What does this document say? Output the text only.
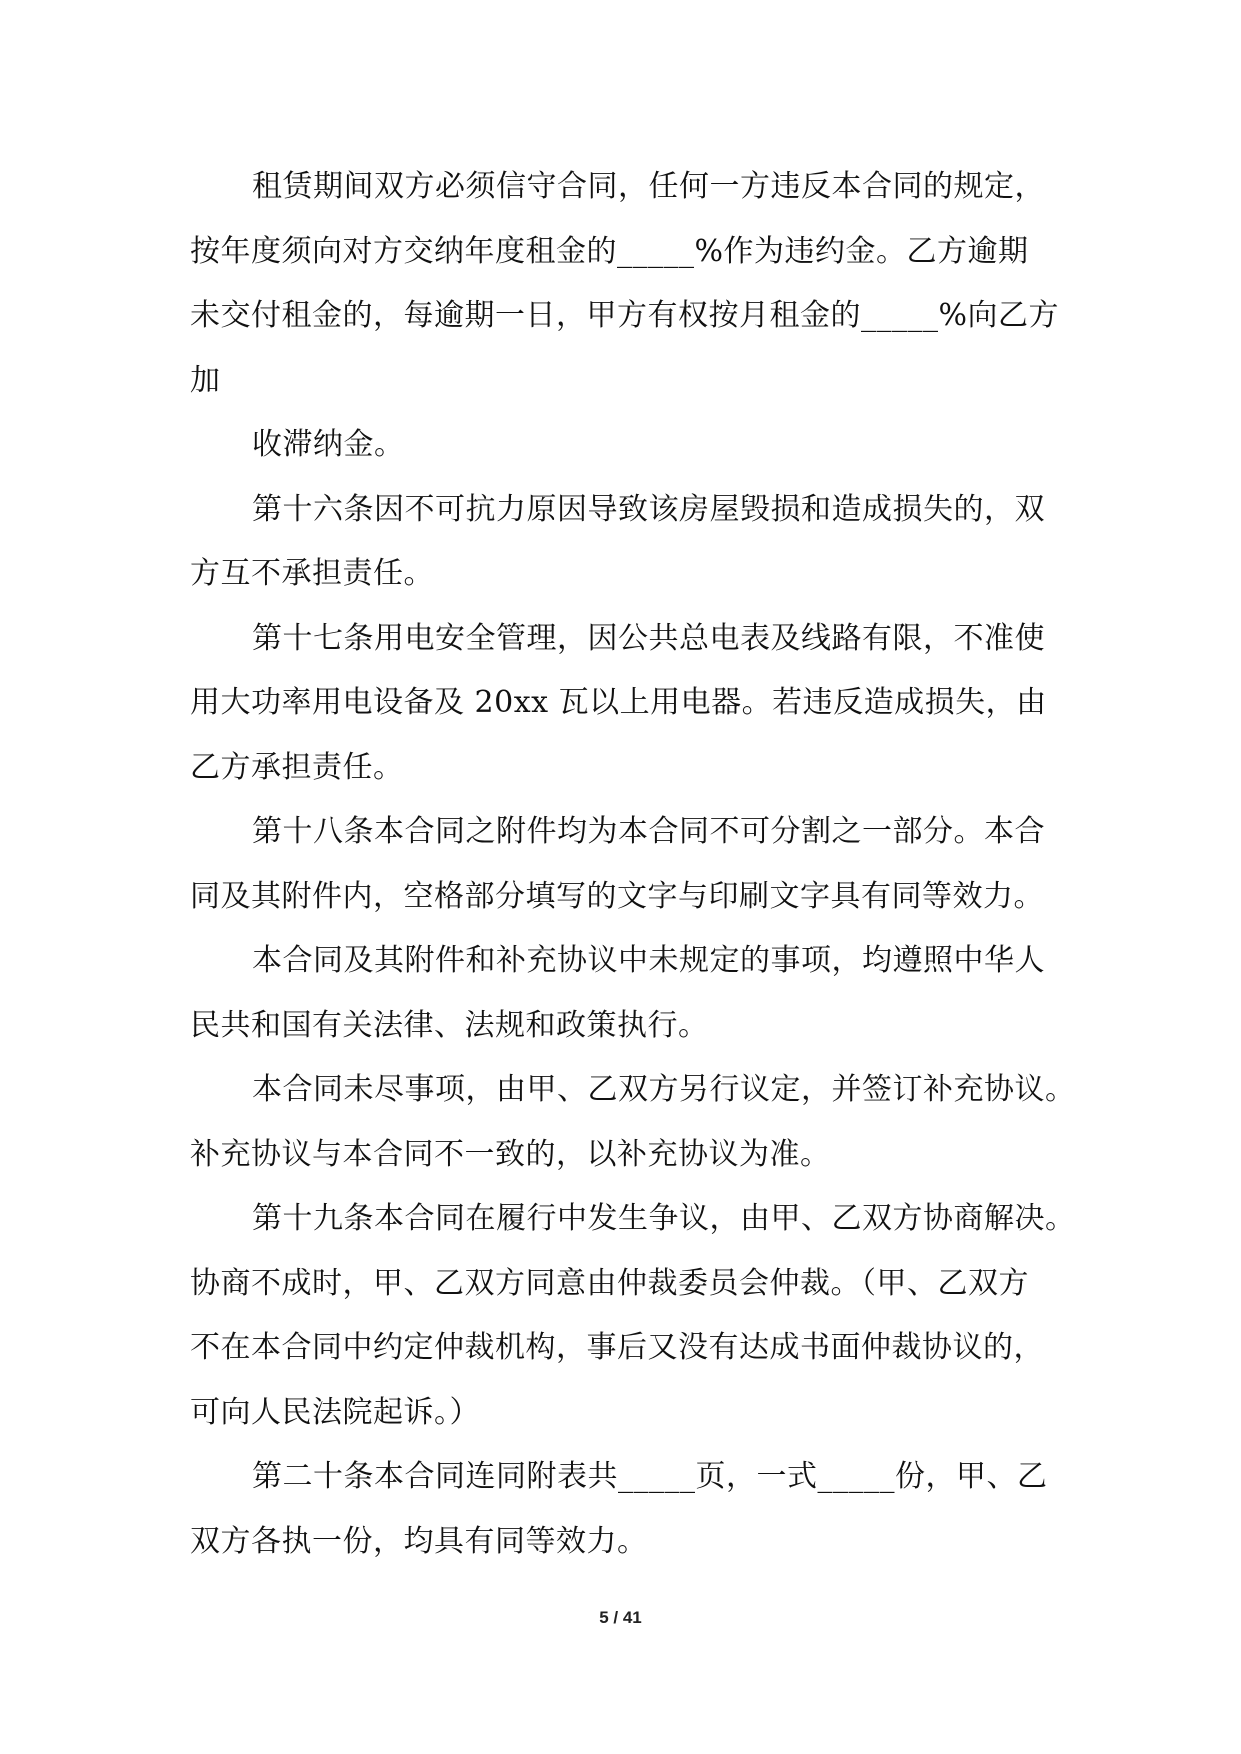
租赁期间双方必须信守合同，任何一方违反本合同的规定，
按年度须向对方交纳年度租金的_____%作为违约金。乙方逾期
未交付租金的，每逾期一日，甲方有权按月租金的_____%向乙方
加
收滞纳金。
第十六条因不可抗力原因导致该房屋毁损和造成损失的，双
方互不承担责任。
第十七条用电安全管理，因公共总电表及线路有限，不准使
用大功率用电设备及 20xx 瓦以上用电器。若违反造成损失，由
乙方承担责任。
第十八条本合同之附件均为本合同不可分割之一部分。本合
同及其附件内，空格部分填写的文字与印刷文字具有同等效力。
本合同及其附件和补充协议中未规定的事项，均遵照中华人
民共和国有关法律、法规和政策执行。
本合同未尽事项，由甲、乙双方另行议定，并签订补充协议。
补充协议与本合同不一致的，以补充协议为准。
第十九条本合同在履行中发生争议，由甲、乙双方协商解决。
协商不成时，甲、乙双方同意由仲裁委员会仲裁。（甲、乙双方
不在本合同中约定仲裁机构，事后又没有达成书面仲裁协议的，
可向人民法院起诉。）
第二十条本合同连同附表共_____页，一式_____份，甲、乙
双方各执一份，均具有同等效力。
5 / 41
